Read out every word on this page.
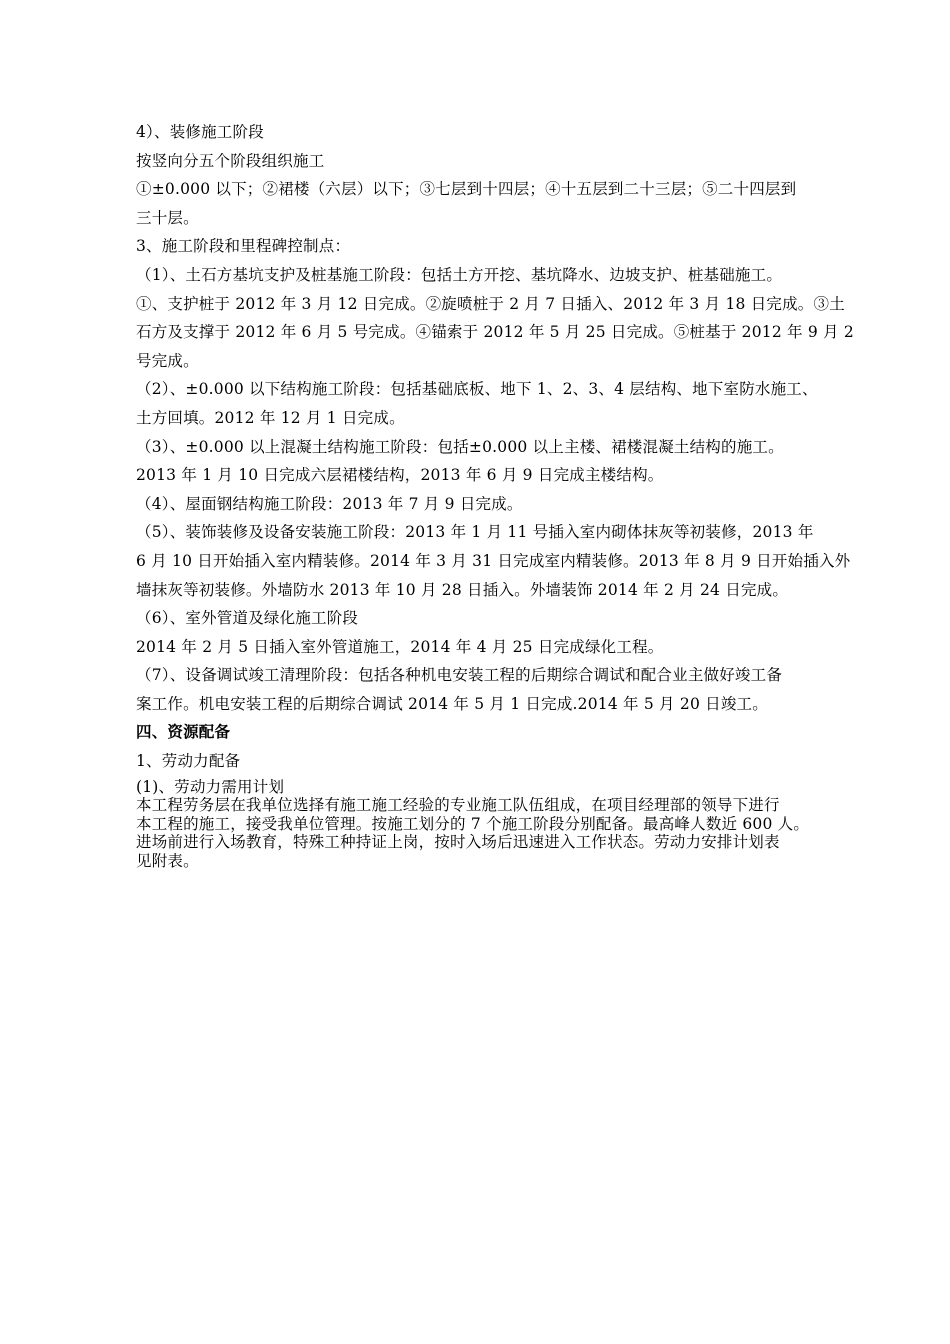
4）、装修施工阶段
按竖向分五个阶段组织施工
①±0.000 以下；②裙楼（六层）以下；③七层到十四层；④十五层到二十三层；⑤二十四层到
三十层。
3、施工阶段和里程碑控制点：
（1）、土石方基坑支护及桩基施工阶段：包括土方开挖、基坑降水、边坡支护、桩基础施工。
①、支护桩于 2012 年 3 月 12 日完成。②旋喷桩于 2 月 7 日插入、2012 年 3 月 18 日完成。③土
石方及支撑于 2012 年 6 月 5 号完成。④锚索于 2012 年 5 月 25 日完成。⑤桩基于 2012 年 9 月 2
号完成。
（2）、±0.000 以下结构施工阶段：包括基础底板、地下 1、2、3、4 层结构、地下室防水施工、
土方回填。2012 年 12 月 1 日完成。
（3）、±0.000 以上混凝土结构施工阶段：包括±0.000 以上主楼、裙楼混凝土结构的施工。
2013 年 1 月 10 日完成六层裙楼结构，2013 年 6 月 9 日完成主楼结构。
（4）、屋面钢结构施工阶段：2013 年 7 月 9 日完成。
（5）、装饰装修及设备安装施工阶段：2013 年 1 月 11 号插入室内砌体抹灰等初装修，2013 年
6 月 10 日开始插入室内精装修。2014 年 3 月 31 日完成室内精装修。2013 年 8 月 9 日开始插入外
墙抹灰等初装修。外墙防水 2013 年 10 月 28 日插入。外墙装饰 2014 年 2 月 24 日完成。
（6）、室外管道及绿化施工阶段
2014 年 2 月 5 日插入室外管道施工，2014 年 4 月 25 日完成绿化工程。
（7）、设备调试竣工清理阶段：包括各种机电安装工程的后期综合调试和配合业主做好竣工备
案工作。机电安装工程的后期综合调试 2014 年 5 月 1 日完成.2014 年 5 月 20 日竣工。
四、资源配备
1、劳动力配备
(1)、劳动力需用计划
本工程劳务层在我单位选择有施工施工经验的专业施工队伍组成，在项目经理部的领导下进行
本工程的施工，接受我单位管理。按施工划分的 7 个施工阶段分别配备。最高峰人数近 600 人。
进场前进行入场教育，特殊工种持证上岗，按时入场后迅速进入工作状态。劳动力安排计划表
见附表。
